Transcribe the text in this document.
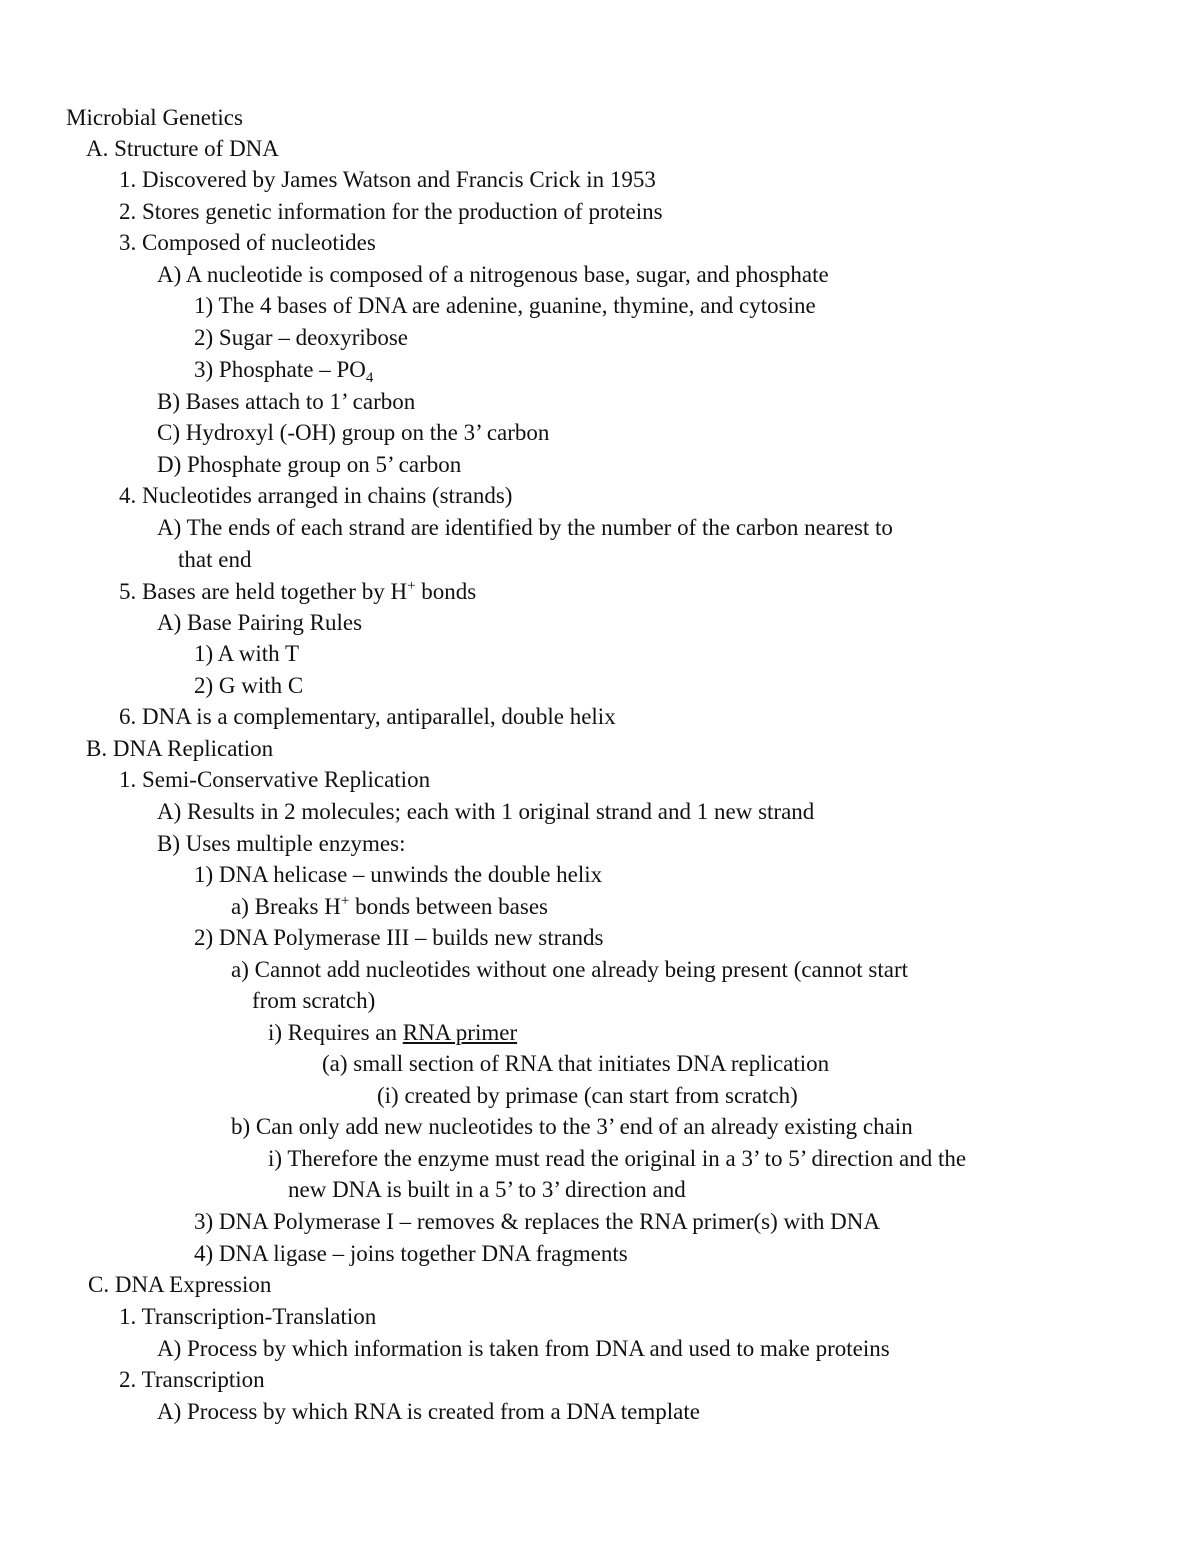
Microbial Genetics
A. Structure of DNA
1. Discovered by James Watson and Francis Crick in 1953
2. Stores genetic information for the production of proteins
3. Composed of nucleotides
A) A nucleotide is composed of a nitrogenous base, sugar, and phosphate
1) The 4 bases of DNA are adenine, guanine, thymine, and cytosine
2) Sugar – deoxyribose
3) Phosphate – $PO_4$
B) Bases attach to 1’ carbon
C) Hydroxyl (-OH) group on the 3’ carbon
D) Phosphate group on 5’ carbon
4. Nucleotides arranged in chains (strands)
A) The ends of each strand are identified by the number of the carbon nearest to
that end
5. Bases are held together by H+ bonds
A) Base Pairing Rules
1) A with T
2) G with C
6. DNA is a complementary, antiparallel, double helix
B. DNA Replication
1. Semi-Conservative Replication
A) Results in 2 molecules; each with 1 original strand and 1 new strand
B) Uses multiple enzymes:
1) DNA helicase – unwinds the double helix
a) Breaks H+ bonds between bases
2) DNA Polymerase III – builds new strands
a) Cannot add nucleotides without one already being present (cannot start
from scratch)
i) Requires an RNA primer
(a) small section of RNA that initiates DNA replication
(i) created by primase (can start from scratch)
b) Can only add new nucleotides to the 3’ end of an already existing chain
i) Therefore the enzyme must read the original in a 3’ to 5’ direction and the
new DNA is built in a 5’ to 3’ direction and
3) DNA Polymerase I – removes & replaces the RNA primer(s) with DNA
4) DNA ligase – joins together DNA fragments
C. DNA Expression
1. Transcription-Translation
A) Process by which information is taken from DNA and used to make proteins
2. Transcription
A) Process by which RNA is created from a DNA template
